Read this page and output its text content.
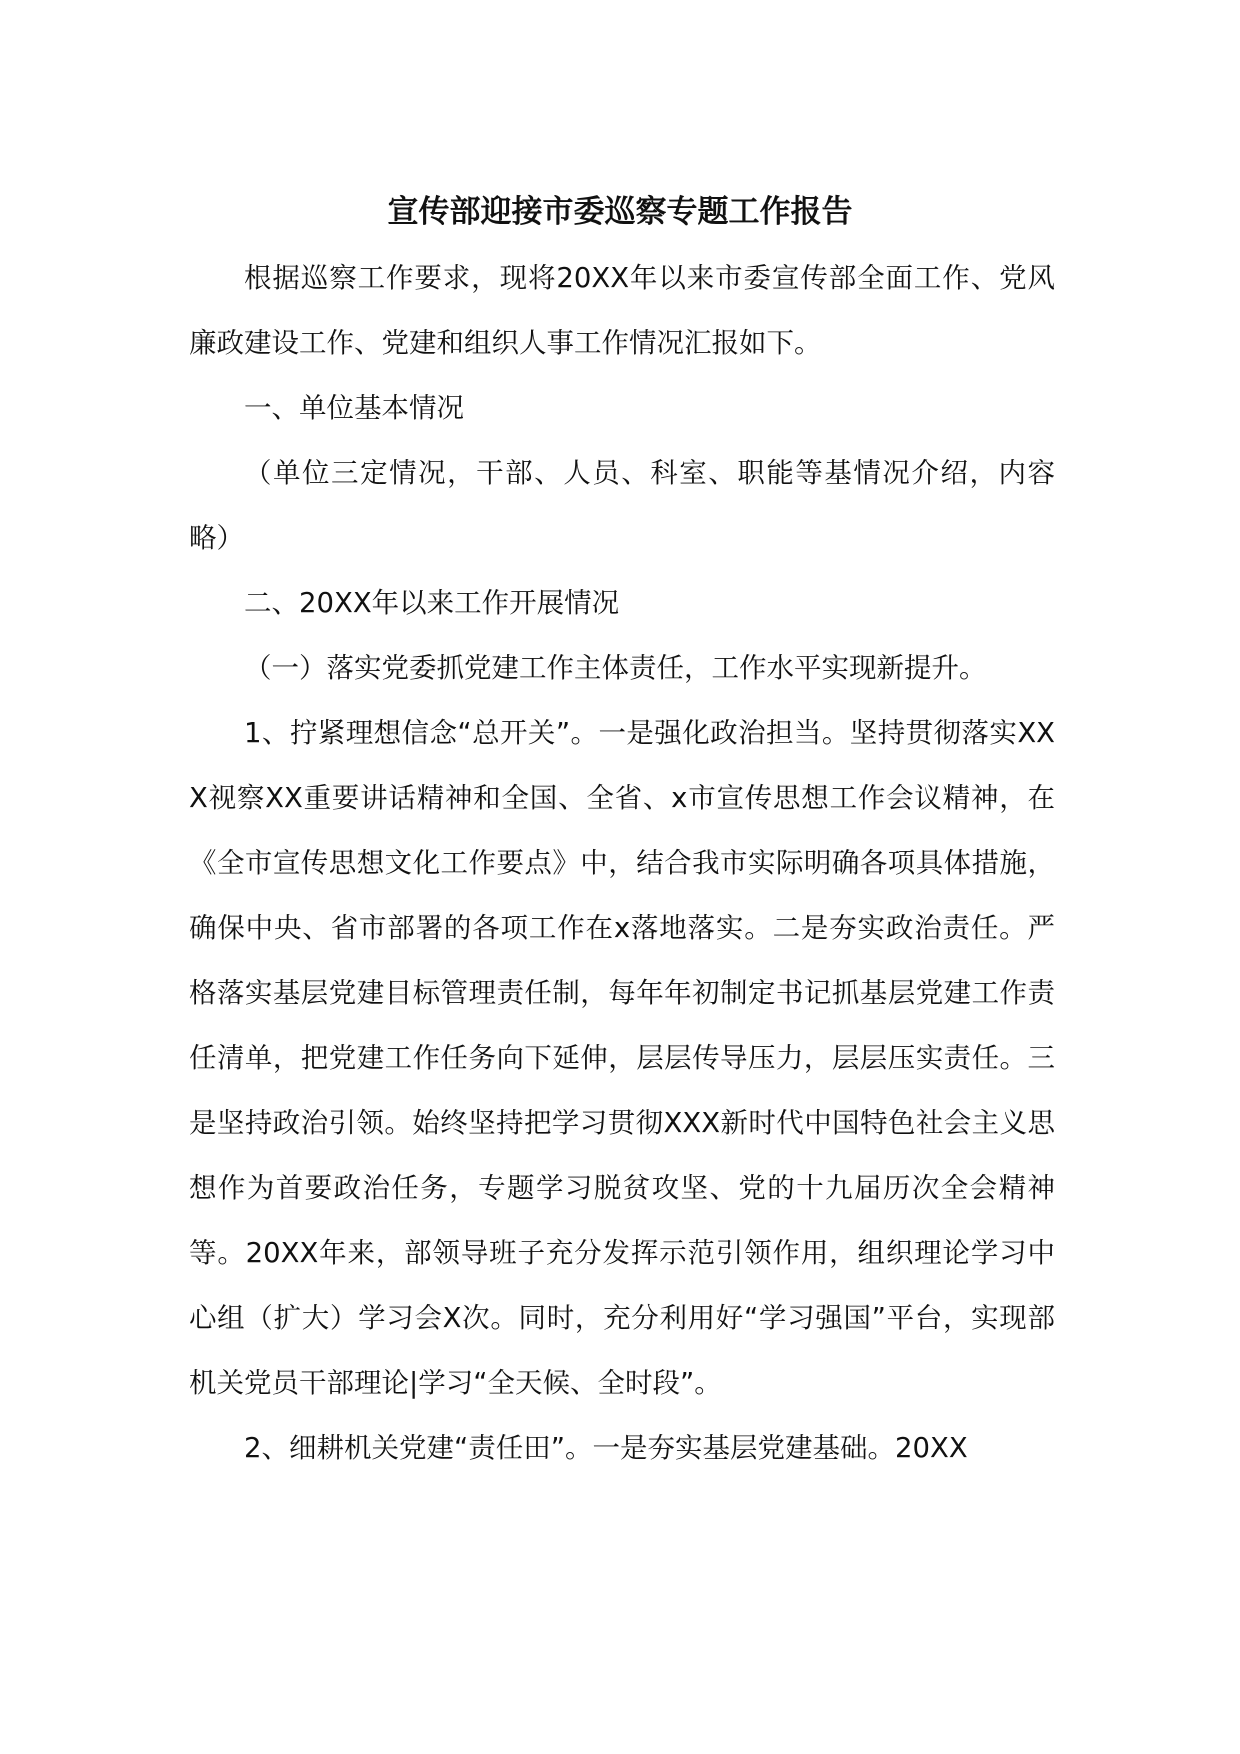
宣传部迎接市委巡察专题工作报告

根据巡察工作要求，现将20XX年以来市委宣传部全面工作、党风廉政建设工作、党建和组织人事工作情况汇报如下。

一、单位基本情况

（单位三定情况，干部、人员、科室、职能等基情况介绍，内容略）

二、20XX年以来工作开展情况

（一）落实党委抓党建工作主体责任，工作水平实现新提升。

1、拧紧理想信念“总开关”。一是强化政治担当。坚持贯彻落实XXX视察XX重要讲话精神和全国、全省、x市宣传思想工作会议精神，在《全市宣传思想文化工作要点》中，结合我市实际明确各项具体措施，确保中央、省市部署的各项工作在x落地落实。二是夯实政治责任。严格落实基层党建目标管理责任制，每年年初制定书记抓基层党建工作责任清单，把党建工作任务向下延伸，层层传导压力，层层压实责任。三是坚持政治引领。始终坚持把学习贯彻XXX新时代中国特色社会主义思想作为首要政治任务，专题学习脱贫攻坚、党的十九届历次全会精神等。20XX年来，部领导班子充分发挥示范引领作用，组织理论学习中心组（扩大）学习会X次。同时，充分利用好“学习强国”平台，实现部机关党员干部理论|学习“全天候、全时段”。

2、细耕机关党建“责任田”。一是夯实基层党建基础。20XX
